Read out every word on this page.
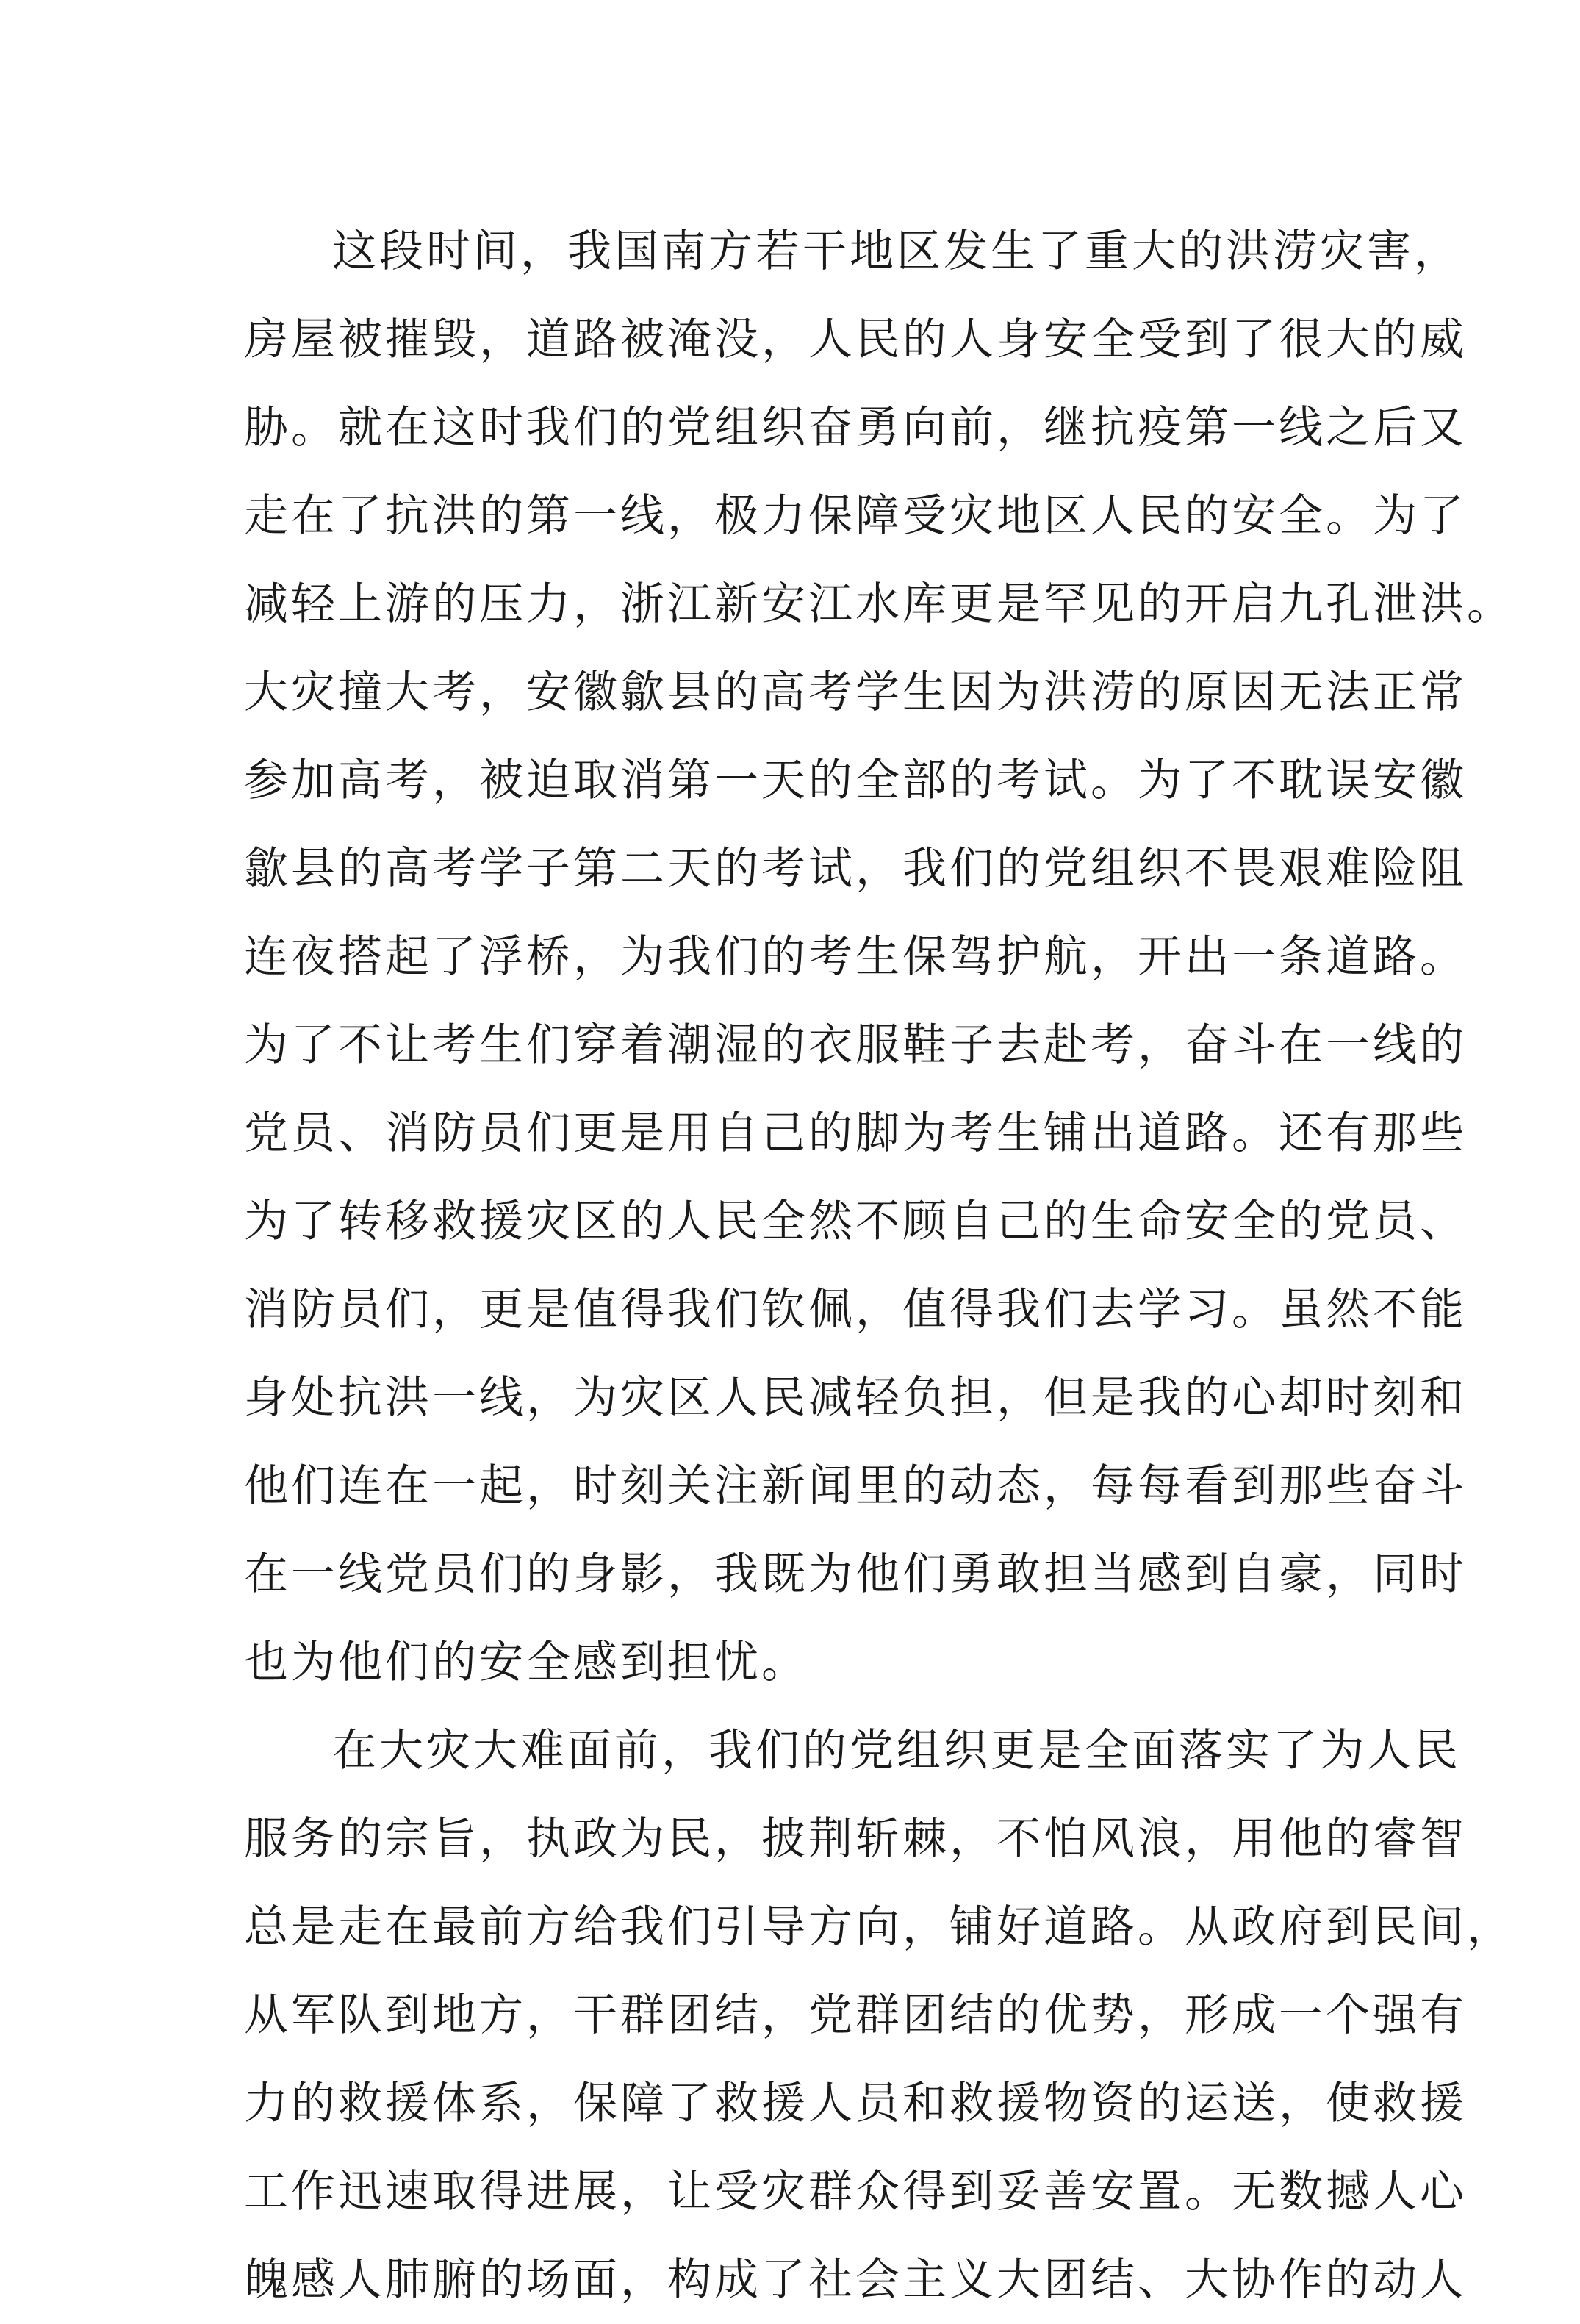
这段时间，我国南方若干地区发生了重大的洪涝灾害，
房屋被摧毁，道路被淹没，人民的人身安全受到了很大的威
胁。就在这时我们的党组织奋勇向前，继抗疫第一线之后又
走在了抗洪的第一线，极力保障受灾地区人民的安全。为了
减轻上游的压力，浙江新安江水库更是罕见的开启九孔泄洪。
大灾撞大考，安徽歙县的高考学生因为洪涝的原因无法正常
参加高考，被迫取消第一天的全部的考试。为了不耽误安徽
歙县的高考学子第二天的考试，我们的党组织不畏艰难险阻
连夜搭起了浮桥，为我们的考生保驾护航，开出一条道路。
为了不让考生们穿着潮湿的衣服鞋子去赴考，奋斗在一线的
党员、消防员们更是用自己的脚为考生铺出道路。还有那些
为了转移救援灾区的人民全然不顾自己的生命安全的党员、
消防员们，更是值得我们钦佩，值得我们去学习。虽然不能
身处抗洪一线，为灾区人民减轻负担，但是我的心却时刻和
他们连在一起，时刻关注新闻里的动态，每每看到那些奋斗
在一线党员们的身影，我既为他们勇敢担当感到自豪，同时
也为他们的安全感到担忧。
在大灾大难面前，我们的党组织更是全面落实了为人民
服务的宗旨，执政为民，披荆斩棘，不怕风浪，用他的睿智
总是走在最前方给我们引导方向，铺好道路。从政府到民间，
从军队到地方，干群团结，党群团结的优势，形成一个强有
力的救援体系，保障了救援人员和救援物资的运送，使救援
工作迅速取得进展，让受灾群众得到妥善安置。无数撼人心
魄感人肺腑的场面，构成了社会主义大团结、大协作的动人
